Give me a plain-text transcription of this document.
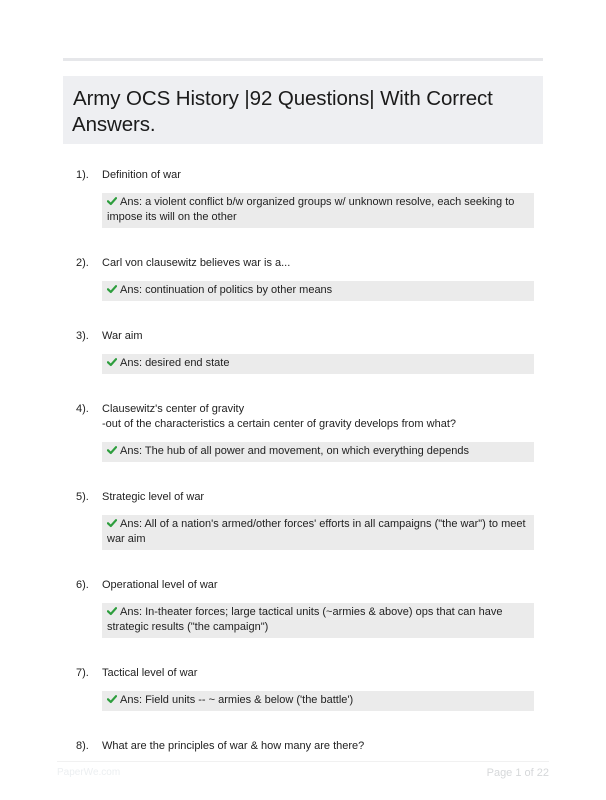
Army OCS History |92 Questions| With Correct
Answers.
1). Definition of war
Ans: a violent conflict b/w organized groups w/ unknown resolve, each seeking to impose its will on the other
2). Carl von clausewitz believes war is a...
Ans: continuation of politics by other means
3). War aim
Ans: desired end state
4). Clausewitz's center of gravity
-out of the characteristics a certain center of gravity develops from what?
Ans: The hub of all power and movement, on which everything depends
5). Strategic level of war
Ans: All of a nation's armed/other forces' efforts in all campaigns ("the war") to meet war aim
6). Operational level of war
Ans: In-theater forces; large tactical units (~armies & above) ops that can have strategic results ("the campaign")
7). Tactical level of war
Ans: Field units -- ~ armies & below ('the battle')
8). What are the principles of war & how many are there?
PaperWe.com	Page 1 of 22
